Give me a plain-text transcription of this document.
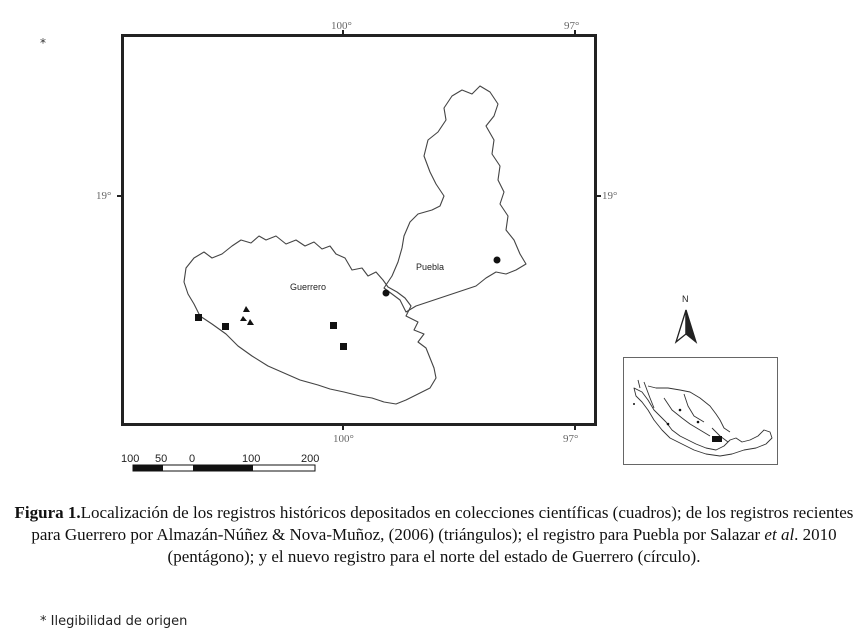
*
100°	97°
19°	19°
100°	97°
Guerrero
Puebla
100 50 0	100	200
N
Figura 1.Localización de los registros históricos depositados en colecciones científicas (cuadros); de los registros recientes para Guerrero por Almazán-Núñez & Nova-Muñoz, (2006) (triángulos); el registro para Puebla por Salazar et al. 2010 (pentágono); y el nuevo registro para el norte del estado de Guerrero (círculo).
* Ilegibilidad de origen
